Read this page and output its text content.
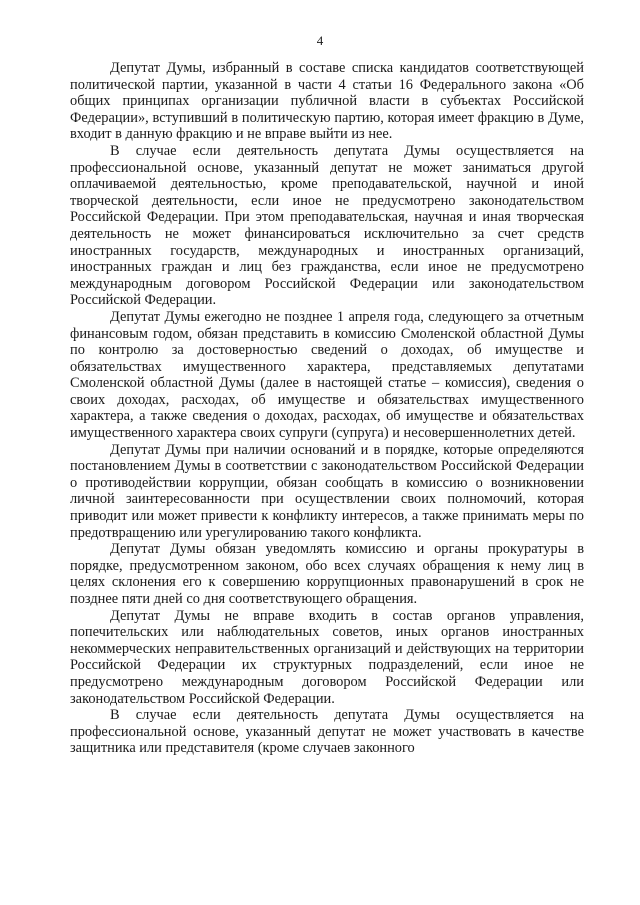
4

Депутат Думы, избранный в составе списка кандидатов соответствующей политической партии, указанной в части 4 статьи 16 Федерального закона «Об общих принципах организации публичной власти в субъектах Российской Федерации», вступивший в политическую партию, которая имеет фракцию в Думе, входит в данную фракцию и не вправе выйти из нее.

В случае если деятельность депутата Думы осуществляется на профессиональной основе, указанный депутат не может заниматься другой оплачиваемой деятельностью, кроме преподавательской, научной и иной творческой деятельности, если иное не предусмотрено законодательством Российской Федерации. При этом преподавательская, научная и иная творческая деятельность не может финансироваться исключительно за счет средств иностранных государств, международных и иностранных организаций, иностранных граждан и лиц без гражданства, если иное не предусмотрено международным договором Российской Федерации или законодательством Российской Федерации.

Депутат Думы ежегодно не позднее 1 апреля года, следующего за отчетным финансовым годом, обязан представить в комиссию Смоленской областной Думы по контролю за достоверностью сведений о доходах, об имуществе и обязательствах имущественного характера, представляемых депутатами Смоленской областной Думы (далее в настоящей статье – комиссия), сведения о своих доходах, расходах, об имуществе и обязательствах имущественного характера, а также сведения о доходах, расходах, об имуществе и обязательствах имущественного характера своих супруги (супруга) и несовершеннолетних детей.

Депутат Думы при наличии оснований и в порядке, которые определяются постановлением Думы в соответствии с законодательством Российской Федерации о противодействии коррупции, обязан сообщать в комиссию о возникновении личной заинтересованности при осуществлении своих полномочий, которая приводит или может привести к конфликту интересов, а также принимать меры по предотвращению или урегулированию такого конфликта.

Депутат Думы обязан уведомлять комиссию и органы прокуратуры в порядке, предусмотренном законом, обо всех случаях обращения к нему лиц в целях склонения его к совершению коррупционных правонарушений в срок не позднее пяти дней со дня соответствующего обращения.

Депутат Думы не вправе входить в состав органов управления, попечительских или наблюдательных советов, иных органов иностранных некоммерческих неправительственных организаций и действующих на территории Российской Федерации их структурных подразделений, если иное не предусмотрено международным договором Российской Федерации или законодательством Российской Федерации.

В случае если деятельность депутата Думы осуществляется на профессиональной основе, указанный депутат не может участвовать в качестве защитника или представителя (кроме случаев законного
